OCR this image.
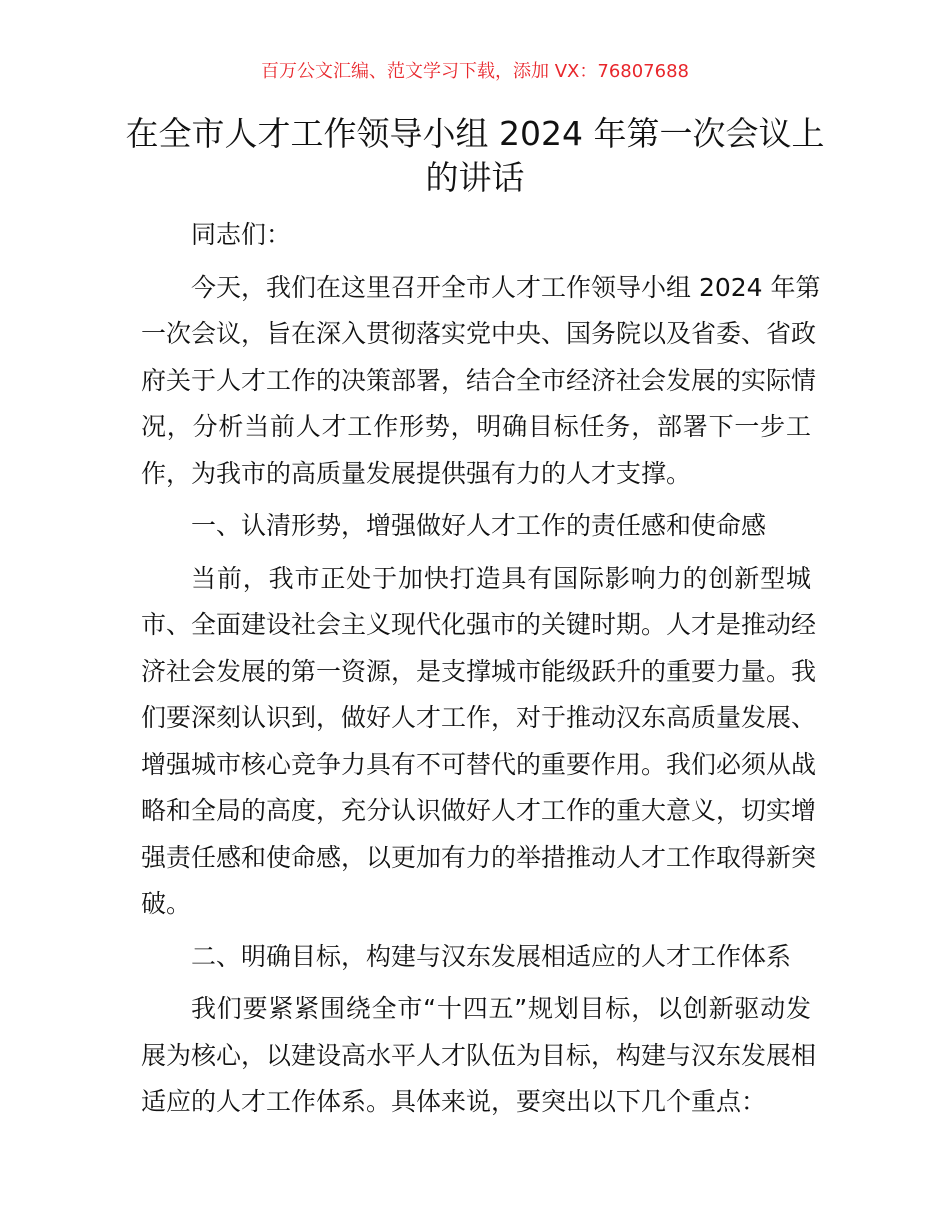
百万公文汇编、范文学习下载，添加 VX：76807688
在全市人才工作领导小组 2024 年第一次会议上
的讲话
同志们：
今天，我们在这里召开全市人才工作领导小组 2024 年第
一次会议，旨在深入贯彻落实党中央、国务院以及省委、省政
府关于人才工作的决策部署，结合全市经济社会发展的实际情
况，分析当前人才工作形势，明确目标任务，部署下一步工
作，为我市的高质量发展提供强有力的人才支撑。
一、认清形势，增强做好人才工作的责任感和使命感
当前，我市正处于加快打造具有国际影响力的创新型城
市、全面建设社会主义现代化强市的关键时期。人才是推动经
济社会发展的第一资源，是支撑城市能级跃升的重要力量。我
们要深刻认识到，做好人才工作，对于推动汉东高质量发展、
增强城市核心竞争力具有不可替代的重要作用。我们必须从战
略和全局的高度，充分认识做好人才工作的重大意义，切实增
强责任感和使命感，以更加有力的举措推动人才工作取得新突
破。
二、明确目标，构建与汉东发展相适应的人才工作体系
我们要紧紧围绕全市“十四五”规划目标，以创新驱动发
展为核心，以建设高水平人才队伍为目标，构建与汉东发展相
适应的人才工作体系。具体来说，要突出以下几个重点：
